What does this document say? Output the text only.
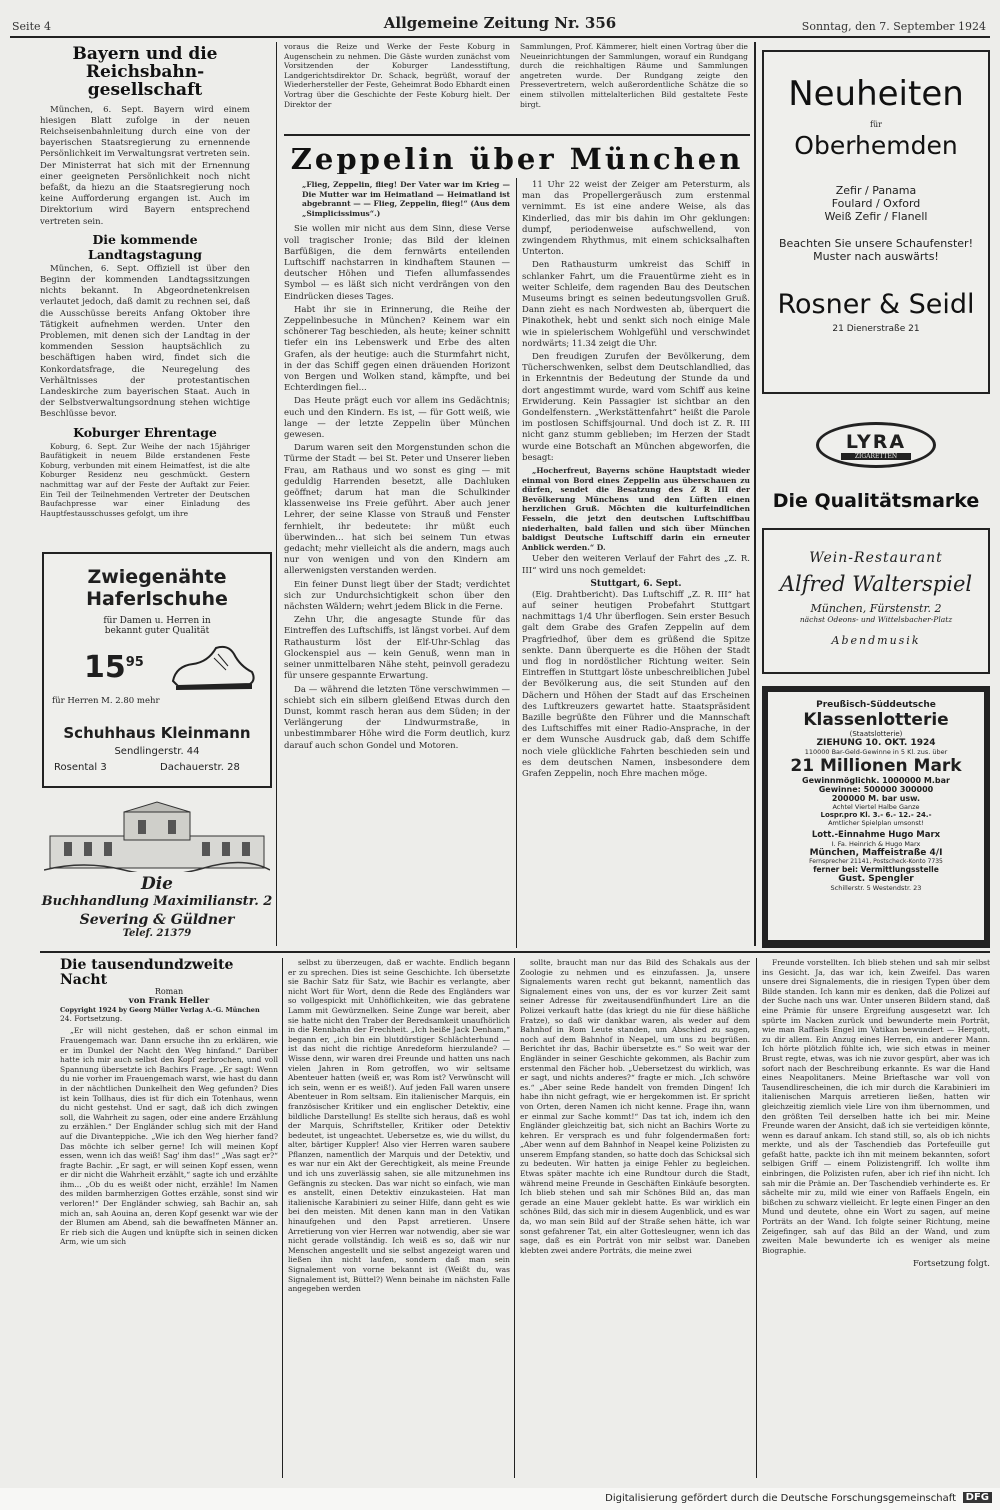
Seite 4	Allgemeine Zeitung Nr. 356	Sonntag, den 7. September 1924
Bayern und die Reichsbahn-gesellschaft

München, 6. Sept. Bayern wird einem hiesigen Blatt zufolge in der neuen Reichseisenbahnleitung durch eine von der bayerischen Staatsregierung zu ernennende Persönlichkeit im Verwaltungsrat vertreten sein. Der Ministerrat hat sich mit der Ernennung einer geeigneten Persönlichkeit noch nicht befaßt, da hiezu an die Staatsregierung noch keine Aufforderung ergangen ist. Auch im Direktorium wird Bayern entsprechend vertreten sein.

Die kommende Landtagstagung

München, 6. Sept. Offiziell ist über den Beginn der kommenden Landtagssitzungen nichts bekannt. In Abgeordnetenkreisen verlautet jedoch, daß damit zu rechnen sei, daß die Ausschüsse bereits Anfang Oktober ihre Tätigkeit aufnehmen werden. Unter den Problemen, mit denen sich der Landtag in der kommenden Session hauptsächlich zu beschäftigen haben wird, findet sich die Konkordatsfrage, die Neuregelung des Verhältnisses der protestantischen Landeskirche zum bayerischen Staat. Auch in der Selbstverwaltungsordnung stehen wichtige Beschlüsse bevor.

Koburger Ehrentage

Koburg, 6. Sept. Zur Weihe der nach 15jähriger Baufätigkeit in neuem Bilde erstandenen Feste Koburg, verbunden mit einem Heimatfest, ist die alte Koburger Residenz neu geschmückt. Gestern nachmittag war auf der Feste der Auftakt zur Feier. Ein Teil der Teilnehmenden Vertreter der Deutschen Baufachpresse war einer Einladung des Hauptfestausschusses gefolgt, um ihre

voraus die Reize und Werke der Feste Koburg in Augenschein zu nehmen. Die Gäste wurden zunächst vom Vorsitzenden der Koburger Landesstiftung, Landgerichtsdirektor Dr. Schack, begrüßt, worauf der Wiederhersteller der Feste, Geheimrat Bodo Ebhardt einen Vortrag über die Geschichte der Feste Koburg hielt. Der Direktor der

Sammlungen, Prof. Kämmerer, hielt einen Vortrag über die Neueinrichtungen der Sammlungen, worauf ein Rundgang durch die reichhaltigen Räume und Sammlungen angetreten wurde. Der Rundgang zeigte den Pressevertretern, welch außerordentliche Schätze die so einem stilvollen mittelalterlichen Bild gestaltete Feste birgt.

Zeppelin über München

„Flieg, Zeppelin, flieg! Der Vater war im Krieg — Die Mutter war im Heimatland — Heimatland ist abgebrannt — — Flieg, Zeppelin, flieg!“ (Aus dem „Simplicissimus“.)

Sie wollen mir nicht aus dem Sinn, diese Verse voll tragischer Ironie; das Bild der kleinen Barfüßigen, die dem fernwärts enteilenden Luftschiff nachstarren in kindhaftem Staunen — deutscher Höhen und Tiefen allumfassendes Symbol — es läßt sich nicht verdrängen von den Eindrücken dieses Tages.

Habt ihr sie in Erinnerung, die Reihe der Zeppelinbesuche in München? Keinem war ein schönerer Tag beschieden, als heute; keiner schnitt tiefer ein ins Lebenswerk und Erbe des alten Grafen, als der heutige: auch die Sturmfahrt nicht, in der das Schiff gegen einen dräuenden Horizont von Bergen und Wolken stand, kämpfte, und bei Echterdingen fiel...

Das Heute prägt euch vor allem ins Gedächtnis; euch und den Kindern. Es ist, — für Gott weiß, wie lange — der letzte Zeppelin über München gewesen.

Darum waren seit den Morgenstunden schon die Türme der Stadt — bei St. Peter und Unserer lieben Frau, am Rathaus und wo sonst es ging — mit geduldig Harrenden besetzt, alle Dachluken geöffnet; darum hat man die Schulkinder klassenweise ins Freie geführt. Aber auch jener Lehrer, der seine Klasse von Strauß und Fenster fernhielt, ihr bedeutete: ihr müßt euch überwinden... hat sich bei seinem Tun etwas gedacht; mehr vielleicht als die andern, mags auch nur von wenigen und von den Kindern am allerwenigsten verstanden werden.

Ein feiner Dunst liegt über der Stadt; verdichtet sich zur Undurchsichtigkeit schon über den nächsten Wäldern; wehrt jedem Blick in die Ferne.

Zehn Uhr, die angesagte Stunde für das Eintreffen des Luftschiffs, ist längst vorbei. Auf dem Rathausturm löst der Elf-Uhr-Schlag das Glockenspiel aus — kein Genuß, wenn man in seiner unmittelbaren Nähe steht, peinvoll geradezu für unsere gespannte Erwartung.

Da — während die letzten Töne verschwimmen — schiebt sich ein silbern gleißend Etwas durch den Dunst, kommt rasch heran aus dem Süden; in der Verlängerung der Lindwurmstraße, in unbestimmbarer Höhe wird die Form deutlich, kurz darauf auch schon Gondel und Motoren.

11 Uhr 22 weist der Zeiger am Petersturm, als man das Propellergeräusch zum erstenmal vernimmt. Es ist eine andere Weise, als das Kinderlied, das mir bis dahin im Ohr geklungen: dumpf, periodenweise aufschwellend, von zwingendem Rhythmus, mit einem schicksalhaften Unterton.

Den Rathausturm umkreist das Schiff in schlanker Fahrt, um die Frauentürme zieht es in weiter Schleife, dem ragenden Bau des Deutschen Museums bringt es seinen bedeutungsvollen Gruß. Dann zieht es nach Nordwesten ab, überquert die Pinakothek, hebt und senkt sich noch einige Male wie in spielerischem Wohlgefühl und verschwindet nordwärts; 11.34 zeigt die Uhr.

Den freudigen Zurufen der Bevölkerung, dem Tücherschwenken, selbst dem Deutschlandlied, das in Erkenntnis der Bedeutung der Stunde da und dort angestimmt wurde, ward vom Schiff aus keine Erwiderung. Kein Passagier ist sichtbar an den Gondelfenstern. „Werkstättenfahrt“ heißt die Parole im postlosen Schiffsjournal. Und doch ist Z. R. III nicht ganz stumm geblieben; im Herzen der Stadt wurde eine Botschaft an München abgeworfen, die besagt:

„Hocherfreut, Bayerns schöne Hauptstadt wieder einmal von Bord eines Zeppelin aus überschauen zu dürfen, sendet die Besatzung des Z R III der Bevölkerung Münchens und den Lüften einen herzlichen Gruß. Möchten die kulturfeindlichen Fesseln, die jetzt den deutschen Luftschiffbau niederhalten, bald fallen und sich über München baldigst Deutsche Luftschiff darin ein erneuter Anblick werden.“ D.

Ueber den weiteren Verlauf der Fahrt des „Z. R. III“ wird uns noch gemeldet:

Stuttgart, 6. Sept.

(Eig. Drahtbericht). Das Luftschiff „Z. R. III“ hat auf seiner heutigen Probefahrt Stuttgart nachmittags 1/4 Uhr überflogen. Sein erster Besuch galt dem Grabe des Grafen Zeppelin auf dem Pragfriedhof, über dem es grüßend die Spitze senkte. Dann überquerte es die Höhen der Stadt und flog in nordöstlicher Richtung weiter. Sein Eintreffen in Stuttgart löste unbeschreiblichen Jubel der Bevölkerung aus, die seit Stunden auf den Dächern und Höhen der Stadt auf das Erscheinen des Luftkreuzers gewartet hatte. Staatspräsident Bazille begrüßte den Führer und die Mannschaft des Luftschiffes mit einer Radio-Ansprache, in der er dem Wunsche Ausdruck gab, daß dem Schiffe noch viele glückliche Fahrten beschieden sein und es dem deutschen Namen, insbesondere dem Grafen Zeppelin, noch Ehre machen möge.

Neuheiten
für
Oberhemden
Zefir / Panama
Foulard / Oxford
Weiß Zefir / Flanell
Beachten Sie unsere Schaufenster!
Muster nach auswärts!
Rosner & Seidl
21 Dienerstraße 21
LYRA
ZIGARETTEN
Die Qualitätsmarke
Wein-Restaurant
Alfred Walterspiel
München, Fürstenstr. 2
nächst Odeons- und Wittelsbacher-Platz
Abendmusik
Preußisch-Süddeutsche
Klassenlotterie
(Staatslotterie)
ZIEHUNG 10. OKT. 1924
110000 Bar-Geld-Gewinne in 5 Kl. zus. über
21 Millionen Mark
Gewinnmöglichk. 1000000 M.bar
Gewinne: 500000 300000
200000 M. bar usw.
Achtel Viertel Halbe Ganze
Lospr.pro Kl. 3.- 6.- 12.- 24.-
Amtlicher Spielplan umsonst!
Lott.-Einnahme Hugo Marx
I. Fa. Heinrich & Hugo Marx
München, Maffeistraße 4/I
Fernsprecher 21141, Postscheck-Konto 7735
ferner bei: Vermittlungsstelle
Gust. Spengler
Schillerstr. 5 Westendstr. 23
Zwiegenähte
Haferlschuhe
für Damen u. Herren in
bekannt guter Qualität
$15^{95}$
für Herren M. 2.80 mehr
Schuhhaus Kleinmann
Sendlingerstr. 44
Rosental 3	Dachauerstr. 28
Die
Buchhandlung Maximilianstr. 2
Severing & Güldner
Telef. 21379
Die tausendundzweite Nacht
Roman
von Frank Heller
Copyright 1924 by Georg Müller Verlag A.-G. München
24. Fortsetzung.

„Er will nicht gestehen, daß er schon einmal im Frauengemach war. Dann ersuche ihn zu erklären, wie er im Dunkel der Nacht den Weg hinfand.“ Darüber hatte ich mir auch selbst den Kopf zerbrochen, und voll Spannung übersetzte ich Bachirs Frage. „Er sagt: Wenn du nie vorher im Frauengemach warst, wie hast du dann in der nächtlichen Dunkelheit den Weg gefunden? Dies ist kein Tollhaus, dies ist für dich ein Totenhaus, wenn du nicht gestehst. Und er sagt, daß ich dich zwingen soll, die Wahrheit zu sagen, oder eine andere Erzählung zu erzählen.“ Der Engländer schlug sich mit der Hand auf die Divanteppiche. „Wie ich den Weg hierher fand? Das möchte ich selber gerne! Ich will meinen Kopf essen, wenn ich das weiß! Sag' ihm das!“ „Was sagt er?“ fragte Bachir. „Er sagt, er will seinen Kopf essen, wenn er dir nicht die Wahrheit erzählt,“ sagte ich und erzählte ihm... „Ob du es weißt oder nicht, erzähle! Im Namen des milden barmherzigen Gottes erzähle, sonst sind wir verloren!“ Der Engländer schwieg, sah Bachir an, sah mich an, sah Aouina an, deren Kopf gesenkt war wie der der Blumen am Abend, sah die bewaffneten Männer an. Er rieb sich die Augen und knüpfte sich in seinen dicken Arm, wie um sich

selbst zu überzeugen, daß er wachte. Endlich begann er zu sprechen. Dies ist seine Geschichte. Ich übersetzte sie Bachir Satz für Satz, wie Bachir es verlangte, aber nicht Wort für Wort, denn die Rede des Engländers war so vollgespickt mit Unhöflichkeiten, wie das gebratene Lamm mit Gewürznelken. Seine Zunge war bereit, aber sie hatte nicht den Traber der Beredsamkeit unaufhörlich in die Rennbahn der Frechheit. „Ich heiße Jack Denham,“ begann er, „ich bin ein blutdürstiger Schlächterhund — ist das nicht die richtige Anredeform hierzulande? — Wisse denn, wir waren drei Freunde und hatten uns nach vielen Jahren in Rom getroffen, wo wir seltsame Abenteuer hatten (weiß er, was Rom ist? Verwünscht will ich sein, wenn er es weiß!). Auf jeden Fall waren unsere Abenteuer in Rom seltsam. Ein italienischer Marquis, ein französischer Kritiker und ein englischer Detektiv, eine bildliche Darstellung! Es stellte sich heraus, daß es wohl der Marquis, Schriftsteller, Kritiker oder Detektiv bedeutet, ist ungeachtet. Uebersetze es, wie du willst, du alter, bärtiger Kuppler! Also vier Herren waren saubere Pflanzen, namentlich der Marquis und der Detektiv, und es war nur ein Akt der Gerechtigkeit, als meine Freunde und ich uns zuverlässig sahen, sie alle mitzunehmen ins Gefängnis zu stecken. Das war nicht so einfach, wie man es anstellt, einen Detektiv einzukasteien. Hat man italienische Karabinieri zu seiner Hilfe, dann geht es wie bei den meisten. Mit denen kann man in den Vatikan hinaufgehen und den Papst arretieren. Unsere Arretierung von vier Herren war notwendig, aber sie war nicht gerade vollständig. Ich weiß es so, daß wir nur Menschen angestellt und sie selbst angezeigt waren und ließen ihn nicht laufen, sondern daß man sein Signalement von vorne bekannt ist (Weißt du, was Signalement ist, Büttel?) Wenn beinahe im nächsten Falle angegeben werden

sollte, braucht man nur das Bild des Schakals aus der Zoologie zu nehmen und es einzufassen. Ja, unsere Signalements waren recht gut bekannt, namentlich das Signalement eines von uns, der es vor kurzer Zeit samt seiner Adresse für zweitausendfünfhundert Lire an die Polizei verkauft hatte (das kriegt du nie für diese häßliche Fratze), so daß wir dankbar waren, als weder auf dem Bahnhof in Rom Leute standen, um Abschied zu sagen, noch auf dem Bahnhof in Neapel, um uns zu begrüßen. Berichtet ihr das, Bachir übersetzte es.“ So weit war der Engländer in seiner Geschichte gekommen, als Bachir zum erstenmal den Fächer hob. „Uebersetzest du wirklich, was er sagt, und nichts anderes?“ fragte er mich. „Ich schwöre es.“ „Aber seine Rede handelt von fremden Dingen! Ich habe ihn nicht gefragt, wie er hergekommen ist. Er spricht von Orten, deren Namen ich nicht kenne. Frage ihn, wann er einmal zur Sache kommt!“ Das tat ich, indem ich den Engländer gleichzeitig bat, sich nicht an Bachirs Worte zu kehren. Er versprach es und fuhr folgendermaßen fort: „Aber wenn auf dem Bahnhof in Neapel keine Polizisten zu unserem Empfang standen, so hatte doch das Schicksal sich zu bedeuten. Wir hatten ja einige Fehler zu begleichen. Etwas später machte ich eine Rundtour durch die Stadt, während meine Freunde in Geschäften Einkäufe besorgten. Ich blieb stehen und sah mir Schönes Bild an, das man gerade an eine Mauer geklebt hatte. Es war wirklich ein schönes Bild, das sich mir in diesem Augenblick, und es war da, wo man sein Bild auf der Straße sehen hätte, ich war sonst gefahrener Tat, ein alter Gottesleugner, wenn ich das sage, daß es ein Porträt von mir selbst war. Daneben klebten zwei andere Porträts, die meine zwei

Freunde vorstellten. Ich blieb stehen und sah mir selbst ins Gesicht. Ja, das war ich, kein Zweifel. Das waren unsere drei Signalements, die in riesigen Typen über dem Bilde standen. Ich kann mir es denken, daß die Polizei auf der Suche nach uns war. Unter unseren Bildern stand, daß eine Prämie für unsere Ergreifung ausgesetzt war. Ich spürte im Nacken zurück und bewunderte mein Porträt, wie man Raffaels Engel im Vatikan bewundert — Hergott, zu dir allem. Ein Anzug eines Herren, ein anderer Mann. Ich hörte plötzlich fühlte ich, wie sich etwas in meiner Brust regte, etwas, was ich nie zuvor gespürt, aber was ich sofort nach der Beschreibung erkannte. Es war die Hand eines Neapolitaners. Meine Brieftasche war voll von Tausendlirescheinen, die ich mir durch die Karabinieri im italienischen Marquis arretieren ließen, hatten wir gleichzeitig ziemlich viele Lire von ihm übernommen, und den größten Teil derselben hatte ich bei mir. Meine Freunde waren der Ansicht, daß ich sie verteidigen könnte, wenn es darauf ankam. Ich stand still, so, als ob ich nichts merkte, und als der Taschendieb das Portefeuille gut gefaßt hatte, packte ich ihn mit meinem bekannten, sofort selbigen Griff — einem Polizistengriff. Ich wollte ihm einbringen, die Polizisten rufen, aber ich rief ihn nicht. Ich sah mir die Prämie an. Der Taschendieb verhinderte es. Er sächelte mir zu, mild wie einer von Raffaels Engeln, ein bißchen zu schwarz vielleicht. Er legte einen Finger an den Mund und deutete, ohne ein Wort zu sagen, auf meine Porträts an der Wand. Ich folgte seiner Richtung, meine Zeigefinger, sah auf das Bild an der Wand, und zum zweiten Male bewunderte ich es weniger als meine Biographie.

Fortsetzung folgt.
Digitalisierung gefördert durch die Deutsche Forschungsgemeinschaft DFG
